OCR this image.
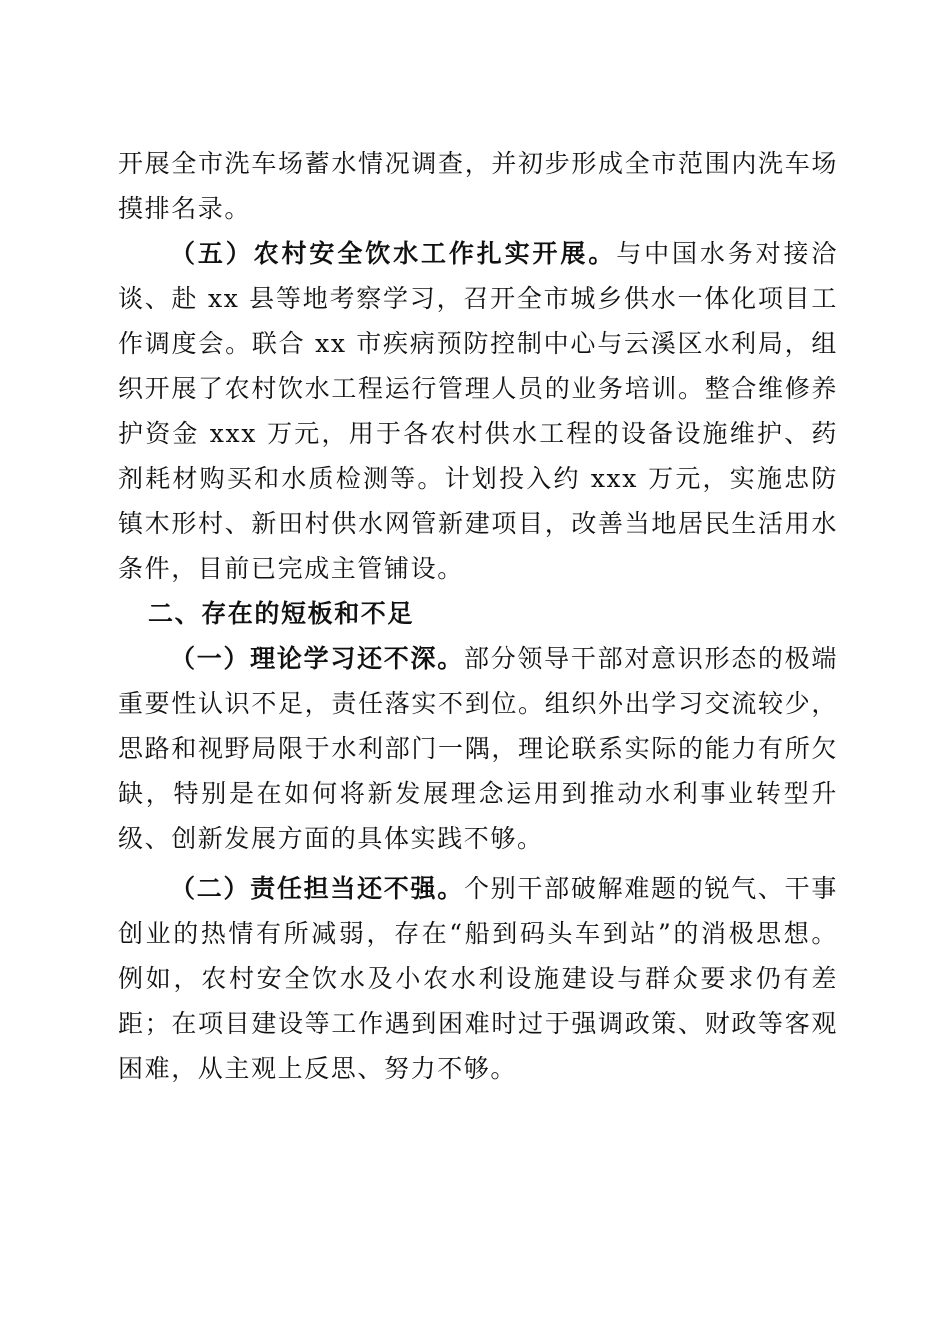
开展全市洗车场蓄水情况调查，并初步形成全市范围内洗车场摸排名录。

（五）农村安全饮水工作扎实开展。与中国水务对接洽谈、赴 xx 县等地考察学习，召开全市城乡供水一体化项目工作调度会。联合 xx 市疾病预防控制中心与云溪区水利局，组织开展了农村饮水工程运行管理人员的业务培训。整合维修养护资金 xxx 万元，用于各农村供水工程的设备设施维护、药剂耗材购买和水质检测等。计划投入约 xxx 万元，实施忠防镇木形村、新田村供水网管新建项目，改善当地居民生活用水条件，目前已完成主管铺设。

二、存在的短板和不足

（一）理论学习还不深。部分领导干部对意识形态的极端重要性认识不足，责任落实不到位。组织外出学习交流较少，思路和视野局限于水利部门一隅，理论联系实际的能力有所欠缺，特别是在如何将新发展理念运用到推动水利事业转型升级、创新发展方面的具体实践不够。

（二）责任担当还不强。个别干部破解难题的锐气、干事创业的热情有所减弱，存在“船到码头车到站”的消极思想。例如，农村安全饮水及小农水利设施建设与群众要求仍有差距；在项目建设等工作遇到困难时过于强调政策、财政等客观困难，从主观上反思、努力不够。
